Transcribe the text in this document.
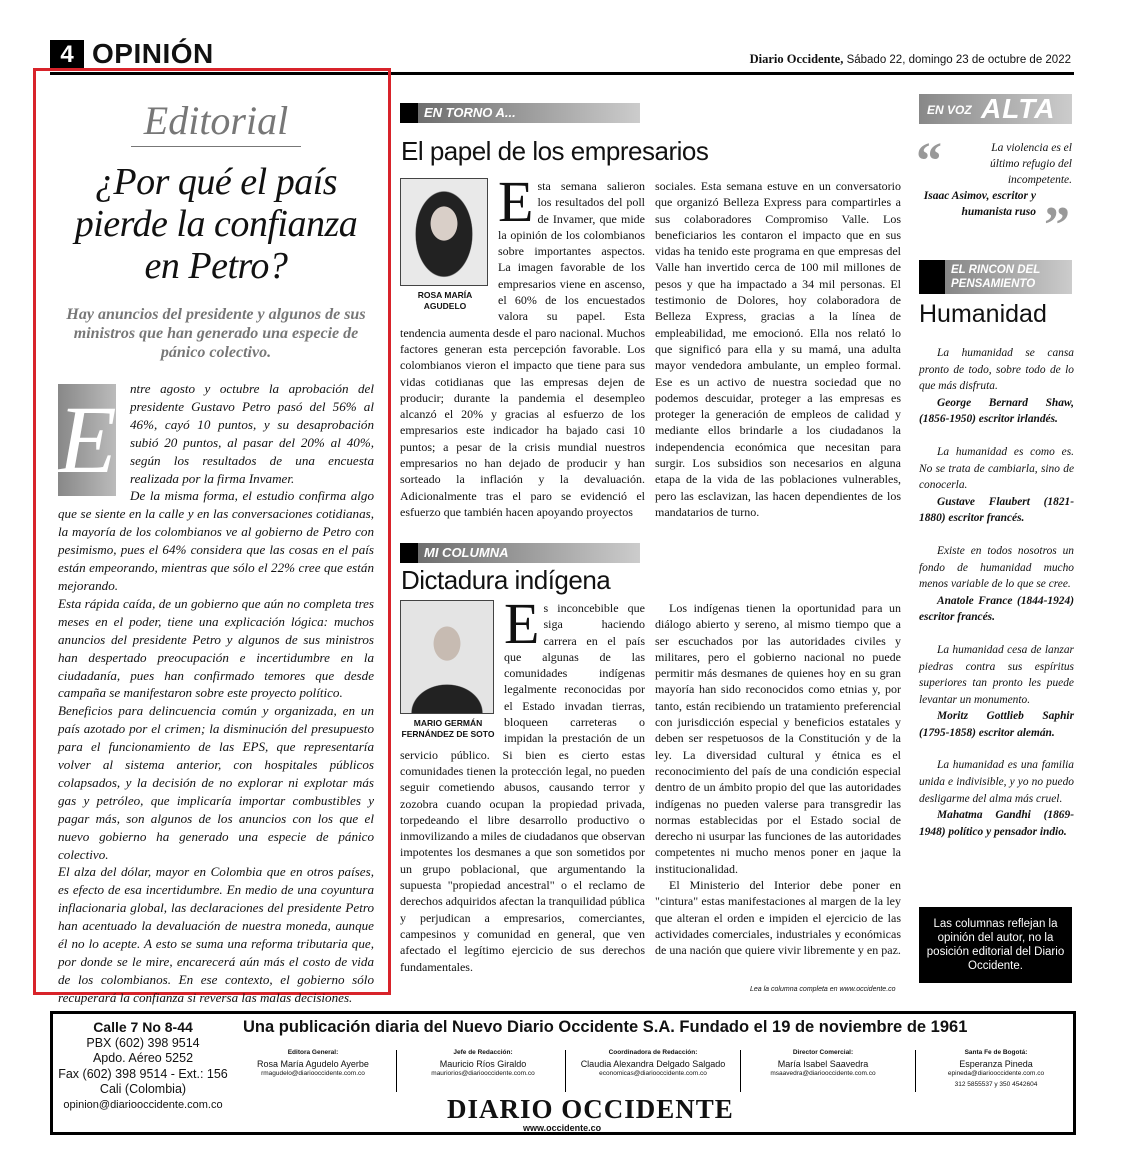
4 OPINIÓN	Diario Occidente, Sábado 22, domingo 23 de octubre de 2022
Editorial
¿Por qué el país pierde la confianza en Petro?
Hay anuncios del presidente y algunos de sus ministros que han generado una especie de pánico colectivo.
E	ntre agosto y octubre la aprobación del presidente Gustavo Petro pasó del 56% al 46%, cayó 10 puntos, y su desaprobación subió 20 puntos, al pasar del 20% al 40%, según los resultados de una encuesta realizada por la firma Invamer.

De la misma forma, el estudio confirma algo que se siente en la calle y en las conversaciones cotidianas, la mayoría de los colombianos ve al gobierno de Petro con pesimismo, pues el 64% considera que las cosas en el país están empeorando, mientras que sólo el 22% cree que están mejorando.

Esta rápida caída, de un gobierno que aún no completa tres meses en el poder, tiene una explicación lógica: muchos anuncios del presidente Petro y algunos de sus ministros han despertado preocupación e incertidumbre en la ciudadanía, pues han confirmado temores que desde campaña se manifestaron sobre este proyecto político.

Beneficios para delincuencia común y organizada, en un país azotado por el crimen; la disminución del presupuesto para el funcionamiento de las EPS, que representaría volver al sistema anterior, con hospitales públicos colapsados, y la decisión de no explorar ni explotar más gas y petróleo, que implicaría importar combustibles y pagar más, son algunos de los anuncios con los que el nuevo gobierno ha generado una especie de pánico colectivo.

El alza del dólar, mayor en Colombia que en otros países, es efecto de esa incertidumbre. En medio de una coyuntura inflacionaria global, las declaraciones del presidente Petro han acentuado la devaluación de nuestra moneda, aunque él no lo acepte. A esto se suma una reforma tributaria que, por donde se le mire, encarecerá aún más el costo de vida de los colombianos. En ese contexto, el gobierno sólo recuperará la confianza si reversa las malas decisiones.

EN TORNO A...
El papel de los empresarios
ROSA MARÍA AGUDELO
E sta semana salieron los resultados del poll de Invamer, que mide la opinión de los colombianos sobre importantes aspectos. La imagen favorable de los empresarios viene en ascenso, el 60% de los encuestados valora su papel. Esta tendencia aumenta desde el paro nacional. Muchos factores generan esta percepción favorable. Los colombianos vieron el impacto que tiene para sus vidas cotidianas que las empresas dejen de producir; durante la pandemia el desempleo alcanzó el 20% y gracias al esfuerzo de los empresarios este indicador ha bajado casi 10 puntos; a pesar de la crisis mundial nuestros empresarios no han dejado de producir y han sorteado la inflación y la devaluación. Adicionalmente tras el paro se evidenció el esfuerzo que también hacen apoyando proyectos

sociales. Esta semana estuve en un conversatorio que organizó Belleza Express para compartirles a sus colaboradores Compromiso Valle. Los beneficiarios les contaron el impacto que en sus vidas ha tenido este programa en que empresas del Valle han invertido cerca de 100 mil millones de pesos y que ha impactado a 34 mil personas. El testimonio de Dolores, hoy colaboradora de Belleza Express, gracias a la línea de empleabilidad, me emocionó. Ella nos relató lo que significó para ella y su mamá, una adulta mayor vendedora ambulante, un empleo formal. Ese es un activo de nuestra sociedad que no podemos descuidar, proteger a las empresas es proteger la generación de empleos de calidad y mediante ellos brindarle a los ciudadanos la independencia económica que necesitan para surgir. Los subsidios son necesarios en alguna etapa de la vida de las poblaciones vulnerables, pero las esclavizan, las hacen dependientes de los mandatarios de turno.

MI COLUMNA
Dictadura indígena
MARIO GERMÁN FERNÁNDEZ DE SOTO
E s inconcebible que siga haciendo carrera en el país que algunas de las comunidades indígenas legalmente reconocidas por el Estado invadan tierras, bloqueen carreteras o impidan la prestación de un servicio público. Si bien es cierto estas comunidades tienen la protección legal, no pueden seguir cometiendo abusos, causando terror y zozobra cuando ocupan la propiedad privada, torpedeando el libre desarrollo productivo o inmovilizando a miles de ciudadanos que observan impotentes los desmanes a que son sometidos por un grupo poblacional, que argumentando la supuesta "propiedad ancestral" o el reclamo de derechos adquiridos afectan la tranquilidad pública y perjudican a empresarios, comerciantes, campesinos y comunidad en general, que ven afectado el legítimo ejercicio de sus derechos fundamentales.

Los indígenas tienen la oportunidad para un diálogo abierto y sereno, al mismo tiempo que a ser escuchados por las autoridades civiles y militares, pero el gobierno nacional no puede permitir más desmanes de quienes hoy en su gran mayoría han sido reconocidos como etnias y, por tanto, están recibiendo un tratamiento preferencial con jurisdicción especial y beneficios estatales y deben ser respetuosos de la Constitución y de la ley. La diversidad cultural y étnica es el reconocimiento del país de una condición especial dentro de un ámbito propio del que las autoridades indígenas no pueden valerse para transgredir las normas establecidas por el Estado social de derecho ni usurpar las funciones de las autoridades competentes ni mucho menos poner en jaque la institucionalidad.

El Ministerio del Interior debe poner en "cintura" estas manifestaciones al margen de la ley que alteran el orden e impiden el ejercicio de las actividades comerciales, industriales y económicas de una nación que quiere vivir libremente y en paz.

Lea la columna completa en www.occidente.co
EN VOZ ALTA
“
”
La violencia es el último refugio del incompetente.
Isaac Asimov, escritor y humanista ruso
EL RINCON DEL PENSAMIENTO
Humanidad
La humanidad se cansa pronto de todo, sobre todo de lo que más disfruta.
George Bernard Shaw, (1856-1950) escritor irlandés.
La humanidad es como es. No se trata de cambiarla, sino de conocerla.
Gustave Flaubert (1821-1880) escritor francés.
Existe en todos nosotros un fondo de humanidad mucho menos variable de lo que se cree.
Anatole France (1844-1924) escritor francés.
La humanidad cesa de lanzar piedras contra sus espíritus superiores tan pronto les puede levantar un monumento.
Moritz Gottlieb Saphir (1795-1858) escritor alemán.
La humanidad es una familia unida e indivisible, y yo no puedo desligarme del alma más cruel.
Mahatma Gandhi (1869-1948) político y pensador indio.
Las columnas reflejan la opinión del autor, no la posición editorial del Diario Occidente.
Calle 7 No 8-44
PBX (602) 398 9514
Apdo. Aéreo 5252
Fax (602) 398 9514 - Ext.: 156
Cali (Colombia)
opinion@diariooccidente.com.co
Una publicación diaria del Nuevo Diario Occidente S.A. Fundado el 19 de noviembre de 1961
Editora General:
Rosa María Agudelo Ayerbe
rmagudelo@diariooccidente.com.co
Jefe de Redacción:
Mauricio Ríos Giraldo
mauriorios@diariooccidente.com.co
Coordinadora de Redacción:
Claudia Alexandra Delgado Salgado
economicas@diariooccidente.com.co
Director Comercial:
María Isabel Saavedra
msaavedra@diariooccidente.com.co
Santa Fe de Bogotá:
Esperanza Pineda
epineda@diariooccidente.com.co
312 5855537 y 350 4542604
DIARIO OCCIDENTE
www.occidente.co
